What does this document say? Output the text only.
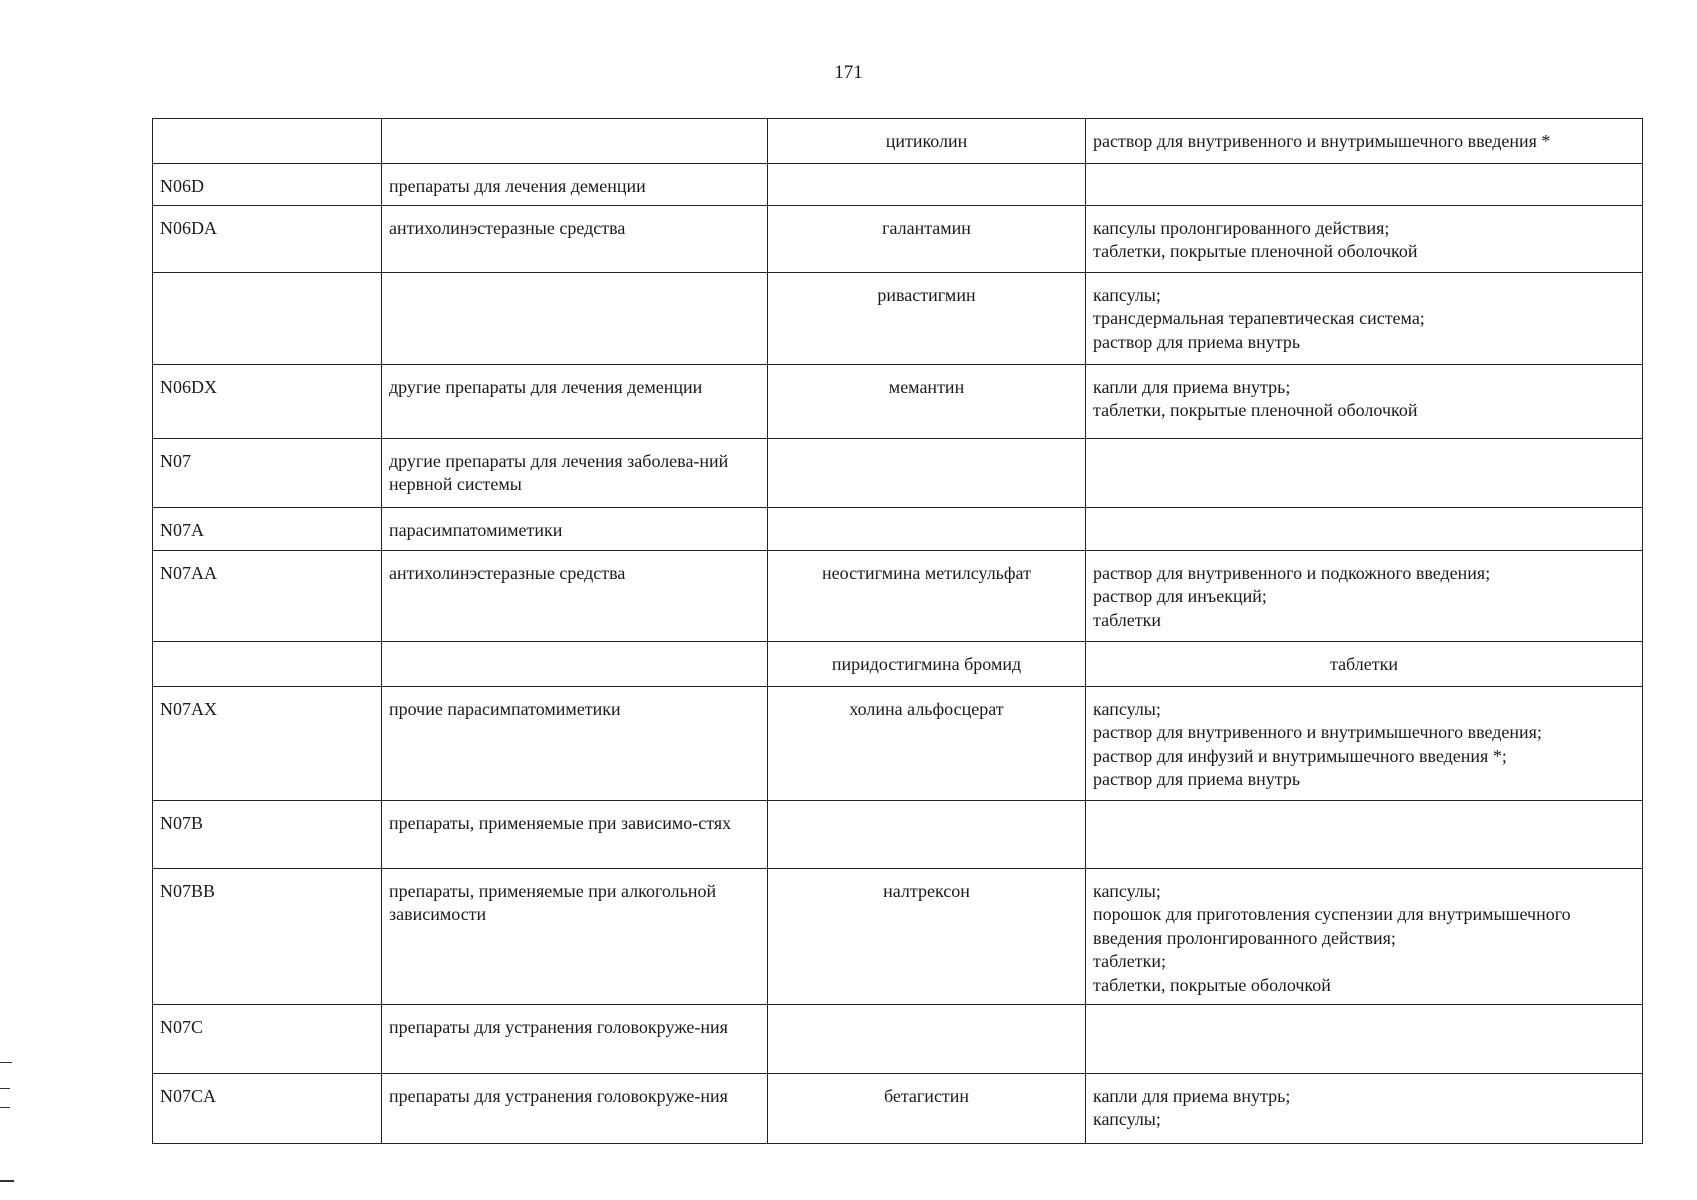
171
		цитиколин	раствор для внутривенного и внутримышечного введения *

N06D	препараты для лечения деменции		
N06DA	антихолинэстеразные средства	галантамин	капсулы пролонгированного действия;
таблетки, покрытые пленочной оболочкой

		ривастигмин	капсулы;
трансдермальная терапевтическая система;
раствор для приема внутрь

N06DX	другие препараты для лечения деменции	мемантин	капли для приема внутрь;
таблетки, покрытые пленочной оболочкой

N07	другие препараты для лечения заболева-ний нервной системы		
N07A	парасимпатомиметики		
N07AA	антихолинэстеразные средства	неостигмина метилсульфат	раствор для внутривенного и подкожного введения;
раствор для инъекций;
таблетки

		пиридостигмина бромид	таблетки

N07AX	прочие парасимпатомиметики	холина альфосцерат	капсулы;
раствор для внутривенного и внутримышечного введения;
раствор для инфузий и внутримышечного введения *;
раствор для приема внутрь

N07B	препараты, применяемые при зависимо-стях		
N07BB	препараты, применяемые при алкогольной зависимости	налтрексон	капсулы;
порошок для приготовления суспензии для внутримышечного введения пролонгированного действия;
таблетки;
таблетки, покрытые оболочкой

N07C	препараты для устранения головокруже-ния		
N07CA	препараты для устранения головокруже-ния	бетагистин	капли для приема внутрь;
капсулы;
